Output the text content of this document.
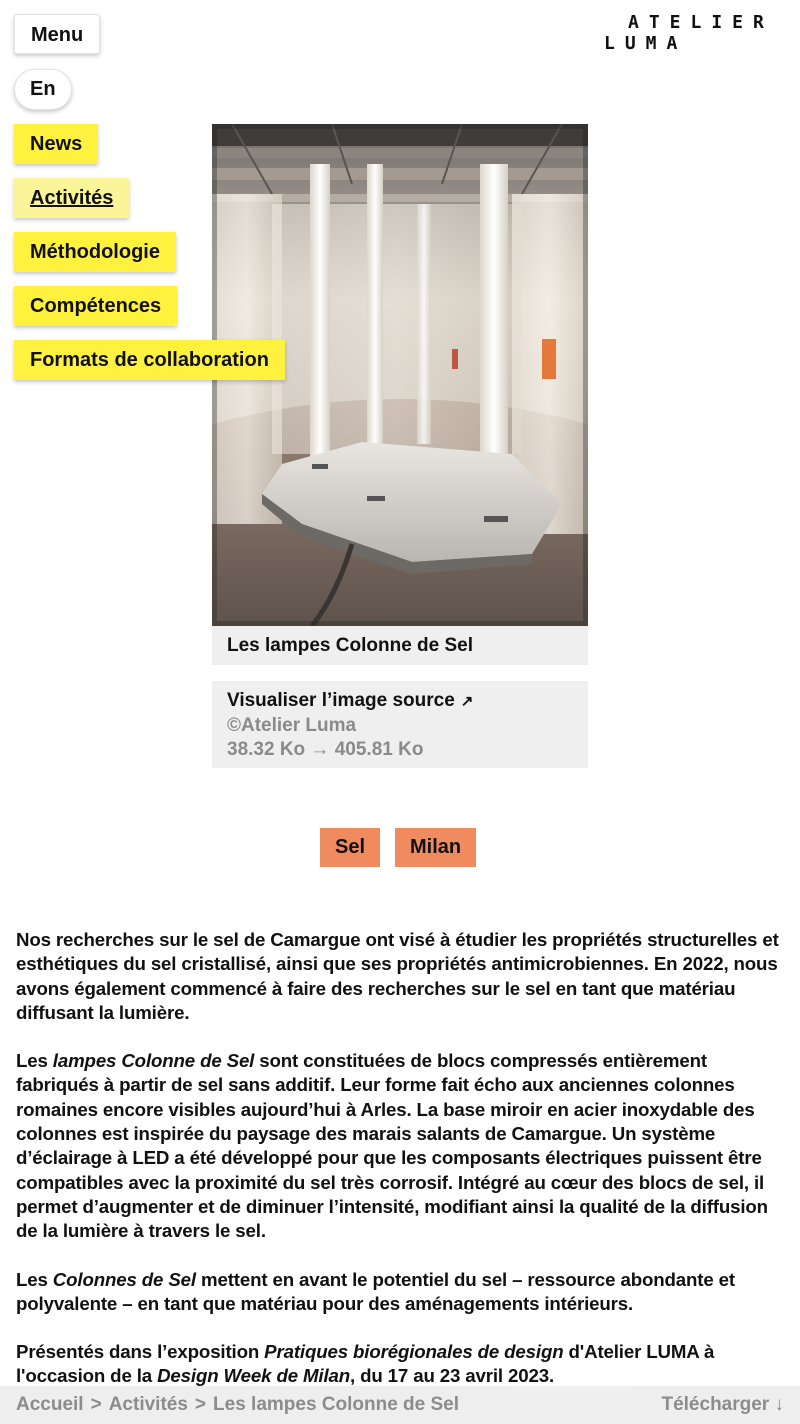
ATELIER
LUMA
Menu
En
News
Activités
Méthodologie
Compétences
Formats de collaboration
Les lampes Colonne de Sel
Visualiser l’image source ↗
©Atelier Luma
38.32 Ko → 405.81 Ko
Sel	Milan

Nos recherches sur le sel de Camargue ont visé à étudier les propriétés structurelles et esthétiques du sel cristallisé, ainsi que ses propriétés antimicrobiennes. En 2022, nous avons également commencé à faire des recherches sur le sel en tant que matériau diffusant la lumière.

Les lampes Colonne de Sel sont constituées de blocs compressés entièrement fabriqués à partir de sel sans additif. Leur forme fait écho aux anciennes colonnes romaines encore visibles aujourd’hui à Arles. La base miroir en acier inoxydable des colonnes est inspirée du paysage des marais salants de Camargue. Un système d’éclairage à LED a été développé pour que les composants électriques puissent être compatibles avec la proximité du sel très corrosif. Intégré au cœur des blocs de sel, il permet d’augmenter et de diminuer l’intensité, modifiant ainsi la qualité de la diffusion de la lumière à travers le sel.

Les Colonnes de Sel mettent en avant le potentiel du sel – ressource abondante et polyvalente – en tant que matériau pour des aménagements intérieurs.

Présentés dans l’exposition Pratiques biorégionales de design d'Atelier LUMA à l'occasion de la Design Week de Milan, du 17 au 23 avril 2023.

Accueil > Activités > Les lampes Colonne de Sel	Télécharger ↓
